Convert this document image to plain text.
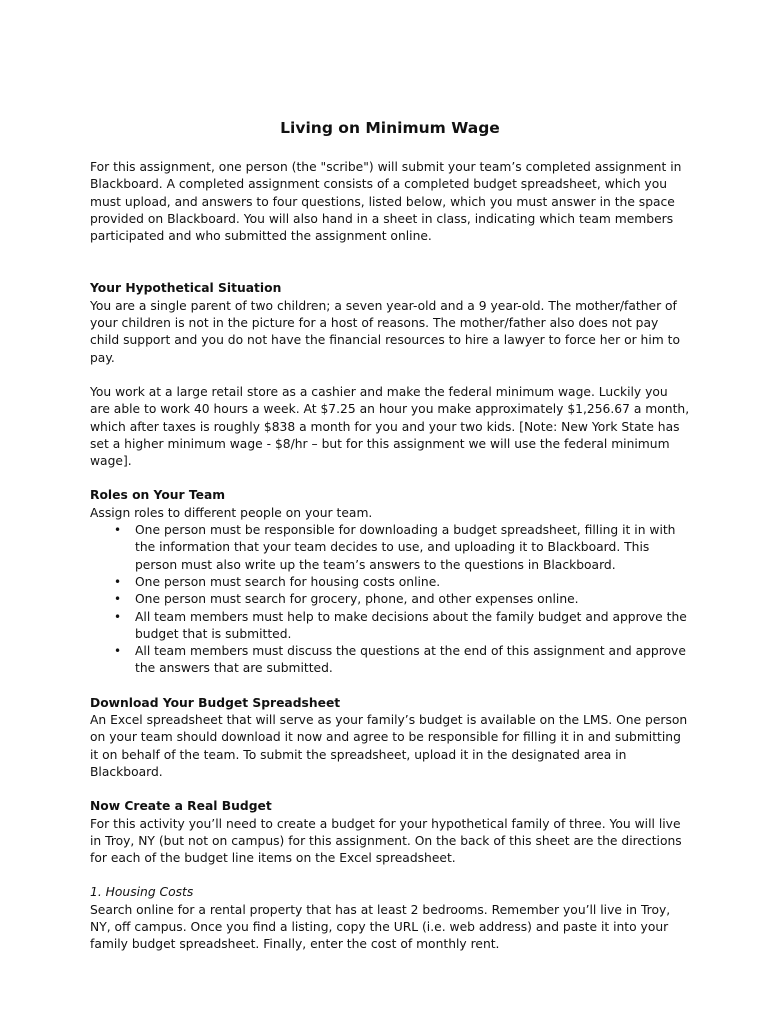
Living on Minimum Wage

For this assignment, one person (the "scribe") will submit your team’s completed assignment in Blackboard. A completed assignment consists of a completed budget spreadsheet, which you must upload, and answers to four questions, listed below, which you must answer in the space provided on Blackboard. You will also hand in a sheet in class, indicating which team members participated and who submitted the assignment online.

Your Hypothetical Situation

You are a single parent of two children; a seven year-old and a 9 year-old. The mother/father of your children is not in the picture for a host of reasons. The mother/father also does not pay child support and you do not have the financial resources to hire a lawyer to force her or him to pay.

You work at a large retail store as a cashier and make the federal minimum wage. Luckily you are able to work 40 hours a week. At $7.25 an hour you make approximately $1,256.67 a month, which after taxes is roughly $838 a month for you and your two kids. [Note: New York State has set a higher minimum wage - $8/hr – but for this assignment we will use the federal minimum wage].

Roles on Your Team

Assign roles to different people on your team.

• One person must be responsible for downloading a budget spreadsheet, filling it in with the information that your team decides to use, and uploading it to Blackboard. This person must also write up the team’s answers to the questions in Blackboard.
• One person must search for housing costs online.
• One person must search for grocery, phone, and other expenses online.
• All team members must help to make decisions about the family budget and approve the budget that is submitted.
• All team members must discuss the questions at the end of this assignment and approve the answers that are submitted.

Download Your Budget Spreadsheet

An Excel spreadsheet that will serve as your family’s budget is available on the LMS. One person on your team should download it now and agree to be responsible for filling it in and submitting it on behalf of the team. To submit the spreadsheet, upload it in the designated area in Blackboard.

Now Create a Real Budget

For this activity you’ll need to create a budget for your hypothetical family of three. You will live in Troy, NY (but not on campus) for this assignment. On the back of this sheet are the directions for each of the budget line items on the Excel spreadsheet.

1. Housing Costs

Search online for a rental property that has at least 2 bedrooms. Remember you’ll live in Troy, NY, off campus. Once you find a listing, copy the URL (i.e. web address) and paste it into your family budget spreadsheet. Finally, enter the cost of monthly rent.
